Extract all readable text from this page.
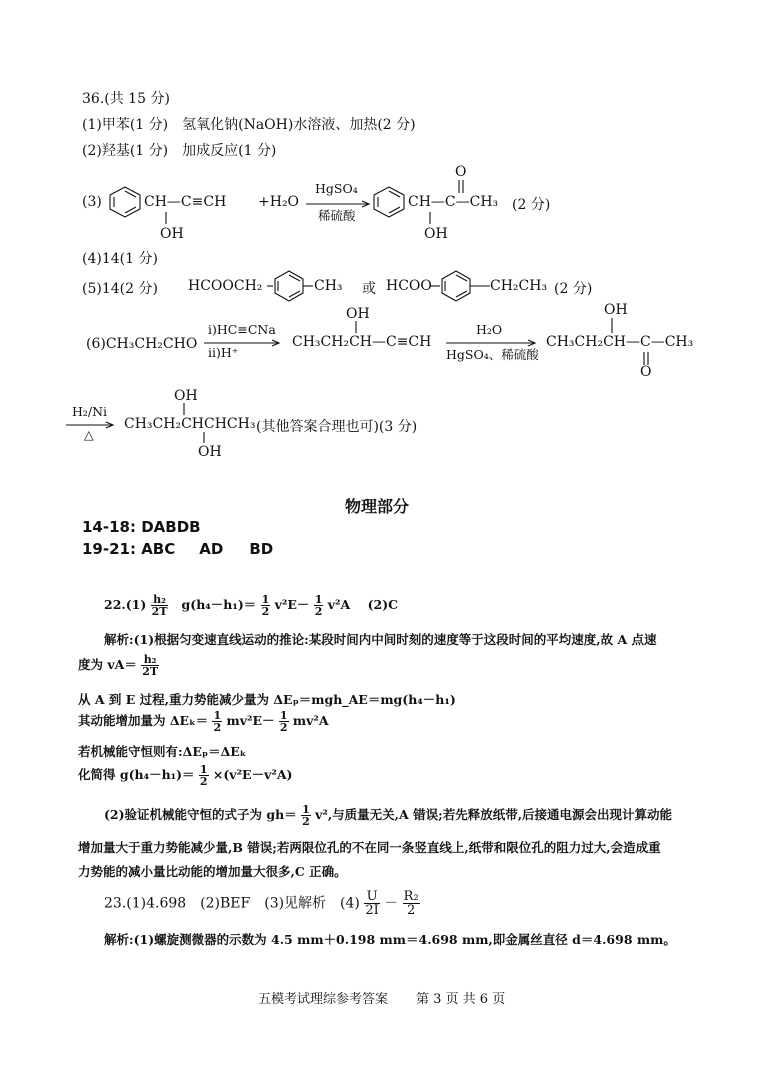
36.(共 15 分)
(1)甲苯(1 分)　氢氧化钠(NaOH)水溶液、加热(2 分)
(2)羟基(1 分)　加成反应(1 分)
(3)	CH—C≡CH
OH
+H₂O
HgSO₄
稀硫酸
CH—C—CH₃
O
OH
(2 分)
(4)14(1 分)
(5)14(2 分) HCOOCH₂	CH₃ 或 HCOO	CH₂CH₃ (2 分)
(6)CH₃CH₂CHO
ⅰ)HC≡CNa
ⅱ)H⁺
CH₃CH₂CH—C≡CH
OH
H₂O
HgSO₄、稀硫酸
CH₃CH₂CH—C—CH₃
OH
O
H₂/Ni
△
CH₃CH₂CHCHCH₃
OH
OH
(其他答案合理也可)(3 分)
物理部分
14-18: DABDB
19-21: ABC AD BD
$22.(1) \frac{\text{h₂}}{2T} g(h_4-h_1)= \frac{1}{2} v^2E- \frac{1}{2} v^2A$ (2)C
解析:(1)根据匀变速直线运动的推论:某段时间内中间时刻的速度等于这段时间的平均速度,故 A 点速
度为 $vA= \frac{\text{h₂}}{2T}$
从 A 到 E 过程,重力势能减少量为 ΔEₚ＝mgh_AE＝mg(h₄－h₁)
其动能增加量为 $\Delta E_k= \frac{1}{2} mv^2E- \frac{1}{2} mv^2A$
若机械能守恒则有:ΔEₚ＝ΔEₖ
化简得 $g(h_4-h_1)= \frac{1}{2} \times(v^2E-v^2A)$
(2)验证机械能守恒的式子为 $gh= \frac{1}{2} v^2$,与质量无关,A 错误;若先释放纸带,后接通电源会出现计算动能
增加量大于重力势能减少量,B 错误;若两限位孔的不在同一条竖直线上,纸带和限位孔的阻力过大,会造成重
力势能的减小量比动能的增加量大很多,C 正确。
23.(1)4.698　(2)BEF　(3)见解析　$(4) \frac{U}{2I} - \frac{\text{R₂}}{2}$
解析:(1)螺旋测微器的示数为 4.5 mm＋0.198 mm＝4.698 mm,即金属丝直径 d＝4.698 mm。
五模考试理综参考答案 第 3 页 共 6 页
